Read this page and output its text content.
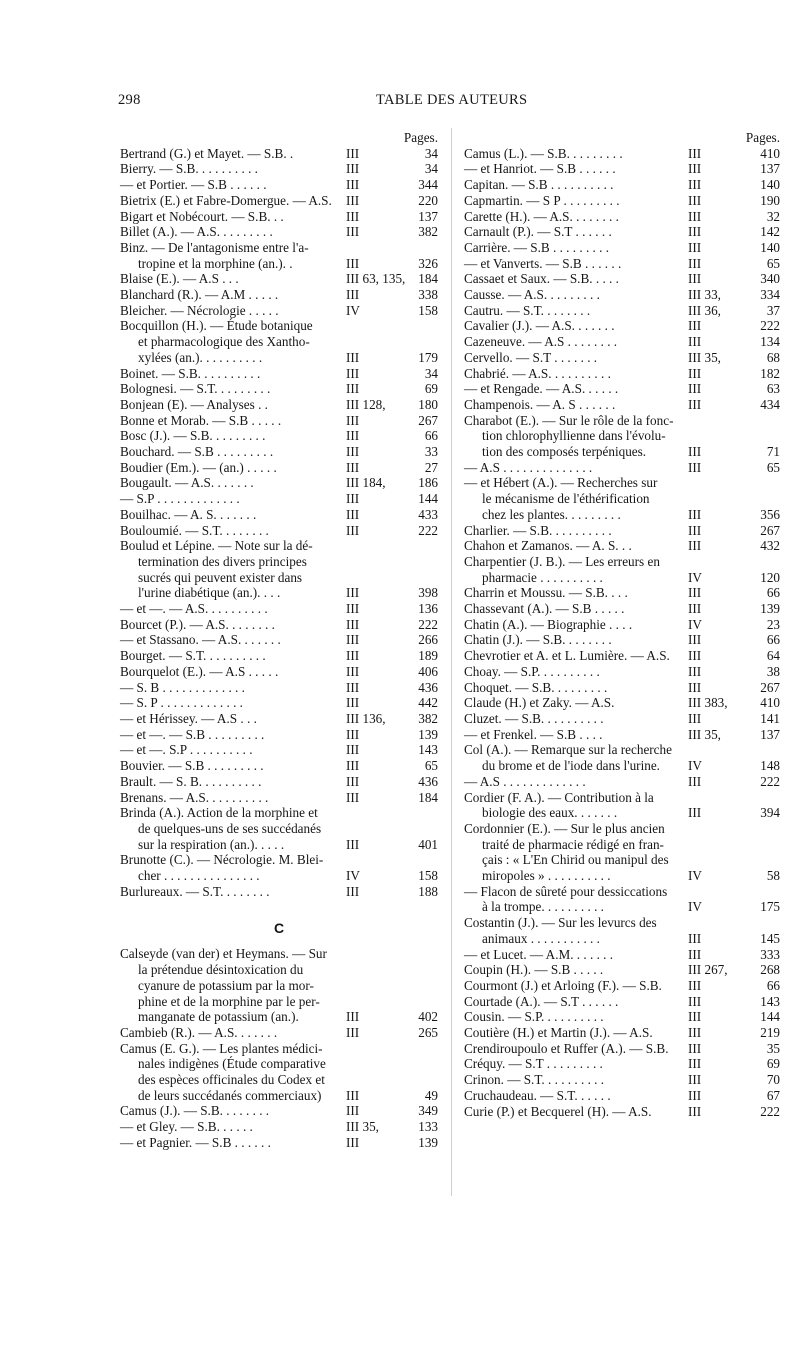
298	TABLE DES AUTEURS
Pages.
Bertrand (G.) et Mayet. — S.B. .	III	34
Bierry. — S.B. . . . . . . . . .	III	34
— et Portier. — S.B . . . . . .	III	344
Bietrix (E.) et Fabre-Domergue. — A.S.	III	220
Bigart et Nobécourt. — S.B. . .	III	137
Billet (A.). — A.S. . . . . . . . .	III	382
Binz. — De l'antagonisme entre l'a-
tropine et la morphine (an.). .	III	326
Blaise (E.). — A.S . . .	III 63, 135, 184
Blanchard (R.). — A.M . . . . .	III	338
Bleicher. — Nécrologie . . . . .	IV	158
Bocquillon (H.). — Étude botanique
et pharmacologique des Xantho-
xylées (an.). . . . . . . . . .	III	179
Boinet. — S.B. . . . . . . . . .	III	34
Bolognesi. — S.T. . . . . . . . .	III	69
Bonjean (E). — Analyses . .	III 128,	180
Bonne et Morab. — S.B . . . . .	III	267
Bosc (J.). — S.B. . . . . . . . .	III	66
Bouchard. — S.B . . . . . . . . .	III	33
Boudier (Em.). — (an.) . . . . .	III	27
Bougault. — A.S. . . . . . .	III 184,	186
— S.P . . . . . . . . . . . . .	III	144
Bouilhac. — A. S. . . . . . .	III	433
Bouloumié. — S.T. . . . . . . .	III	222
Boulud et Lépine. — Note sur la dé-
termination des divers principes
sucrés qui peuvent exister dans
l'urine diabétique (an.). . . .	III	398
— et —. — A.S. . . . . . . . . .	III	136
Bourcet (P.). — A.S. . . . . . . .	III	222
— et Stassano. — A.S. . . . . . .	III	266
Bourget. — S.T. . . . . . . . . .	III	189
Bourquelot (E.). — A.S . . . . .	III	406
— S. B . . . . . . . . . . . . .	III	436
— S. P . . . . . . . . . . . . .	III	442
— et Hérissey. — A.S . . .	III 136,	382
— et —. — S.B . . . . . . . . .	III	139
— et —. S.P . . . . . . . . . .	III	143
Bouvier. — S.B . . . . . . . . .	III	65
Brault. — S. B. . . . . . . . . .	III	436
Brenans. — A.S. . . . . . . . . .	III	184
Brinda (A.). Action de la morphine et
de quelques-uns de ses succédanés
sur la respiration (an.). . . . .	III	401
Brunotte (C.). — Nécrologie. M. Blei-
cher . . . . . . . . . . . . . . .	IV	158
Burlureaux. — S.T. . . . . . . .	III	188
C
Calseyde (van der) et Heymans. — Sur
la prétendue désintoxication du
cyanure de potassium par la mor-
phine et de la morphine par le per-
manganate de potassium (an.).	III	402
Cambieb (R.). — A.S. . . . . . .	III	265
Camus (E. G.). — Les plantes médici-
nales indigènes (Étude comparative
des espèces officinales du Codex et
de leurs succédanés commerciaux)	III	49
Camus (J.). — S.B. . . . . . . .	III	349
— et Gley. — S.B. . . . . .	III 35,	133
— et Pagnier. — S.B . . . . . .	III	139
Pages.
Camus (L.). — S.B. . . . . . . . .	III	410
— et Hanriot. — S.B . . . . . .	III	137
Capitan. — S.B . . . . . . . . . .	III	140
Capmartin. — S P . . . . . . . . .	III	190
Carette (H.). — A.S. . . . . . . .	III	32
Carnault (P.). — S.T . . . . . .	III	142
Carrière. — S.B . . . . . . . . .	III	140
— et Vanverts. — S.B . . . . . .	III	65
Cassaet et Saux. — S.B. . . . .	III	340
Causse. — A.S. . . . . . . . .	III 33,	334
Cautru. — S.T. . . . . . . .	III 36,	37
Cavalier (J.). — A.S. . . . . . .	III	222
Cazeneuve. — A.S . . . . . . . .	III	134
Cervello. — S.T . . . . . . .	III 35,	68
Chabrié. — A.S. . . . . . . . . .	III	182
— et Rengade. — A.S. . . . . .	III	63
Champenois. — A. S . . . . . .	III	434
Charabot (E.). — Sur le rôle de la fonc-
tion chlorophyllienne dans l'évolu-
tion des composés terpéniques.	III	71
— A.S . . . . . . . . . . . . . .	III	65
— et Hébert (A.). — Recherches sur
le mécanisme de l'éthérification
chez les plantes. . . . . . . . .	III	356
Charlier. — S.B. . . . . . . . . .	III	267
Chahon et Zamanos. — A. S. . .	III	432
Charpentier (J. B.). — Les erreurs en
pharmacie . . . . . . . . . .	IV	120
Charrin et Moussu. — S.B. . . .	III	66
Chassevant (A.). — S.B . . . . .	III	139
Chatin (A.). — Biographie . . . .	IV	23
Chatin (J.). — S.B. . . . . . . .	III	66
Chevrotier et A. et L. Lumière. — A.S.	III	64
Choay. — S.P. . . . . . . . . .	III	38
Choquet. — S.B. . . . . . . . .	III	267
Claude (H.) et Zaky. — A.S.	III 383,	410
Cluzet. — S.B. . . . . . . . . .	III	141
— et Frenkel. — S.B . . . .	III 35,	137
Col (A.). — Remarque sur la recherche
du brome et de l'iode dans l'urine.	IV	148
— A.S . . . . . . . . . . . . .	III	222
Cordier (F. A.). — Contribution à la
biologie des eaux. . . . . . .	III	394
Cordonnier (E.). — Sur le plus ancien
traité de pharmacie rédigé en fran-
çais : « L'En Chirid ou manipul des
miropoles » . . . . . . . . . .	IV	58
— Flacon de sûreté pour dessiccations
à la trompe. . . . . . . . . .	IV	175
Costantin (J.). — Sur les levurcs des
animaux . . . . . . . . . . .	III	145
— et Lucet. — A.M. . . . . . .	III	333
Coupin (H.). — S.B . . . . .	III 267,	268
Courmont (J.) et Arloing (F.). — S.B.	III	66
Courtade (A.). — S.T . . . . . .	III	143
Cousin. — S.P. . . . . . . . . .	III	144
Coutière (H.) et Martin (J.). — A.S.	III	219
Crendiroupoulo et Ruffer (A.). — S.B.	III	35
Créquy. — S.T . . . . . . . . .	III	69
Crinon. — S.T. . . . . . . . . .	III	70
Cruchaudeau. — S.T. . . . . .	III	67
Curie (P.) et Becquerel (H). — A.S.	III	222
